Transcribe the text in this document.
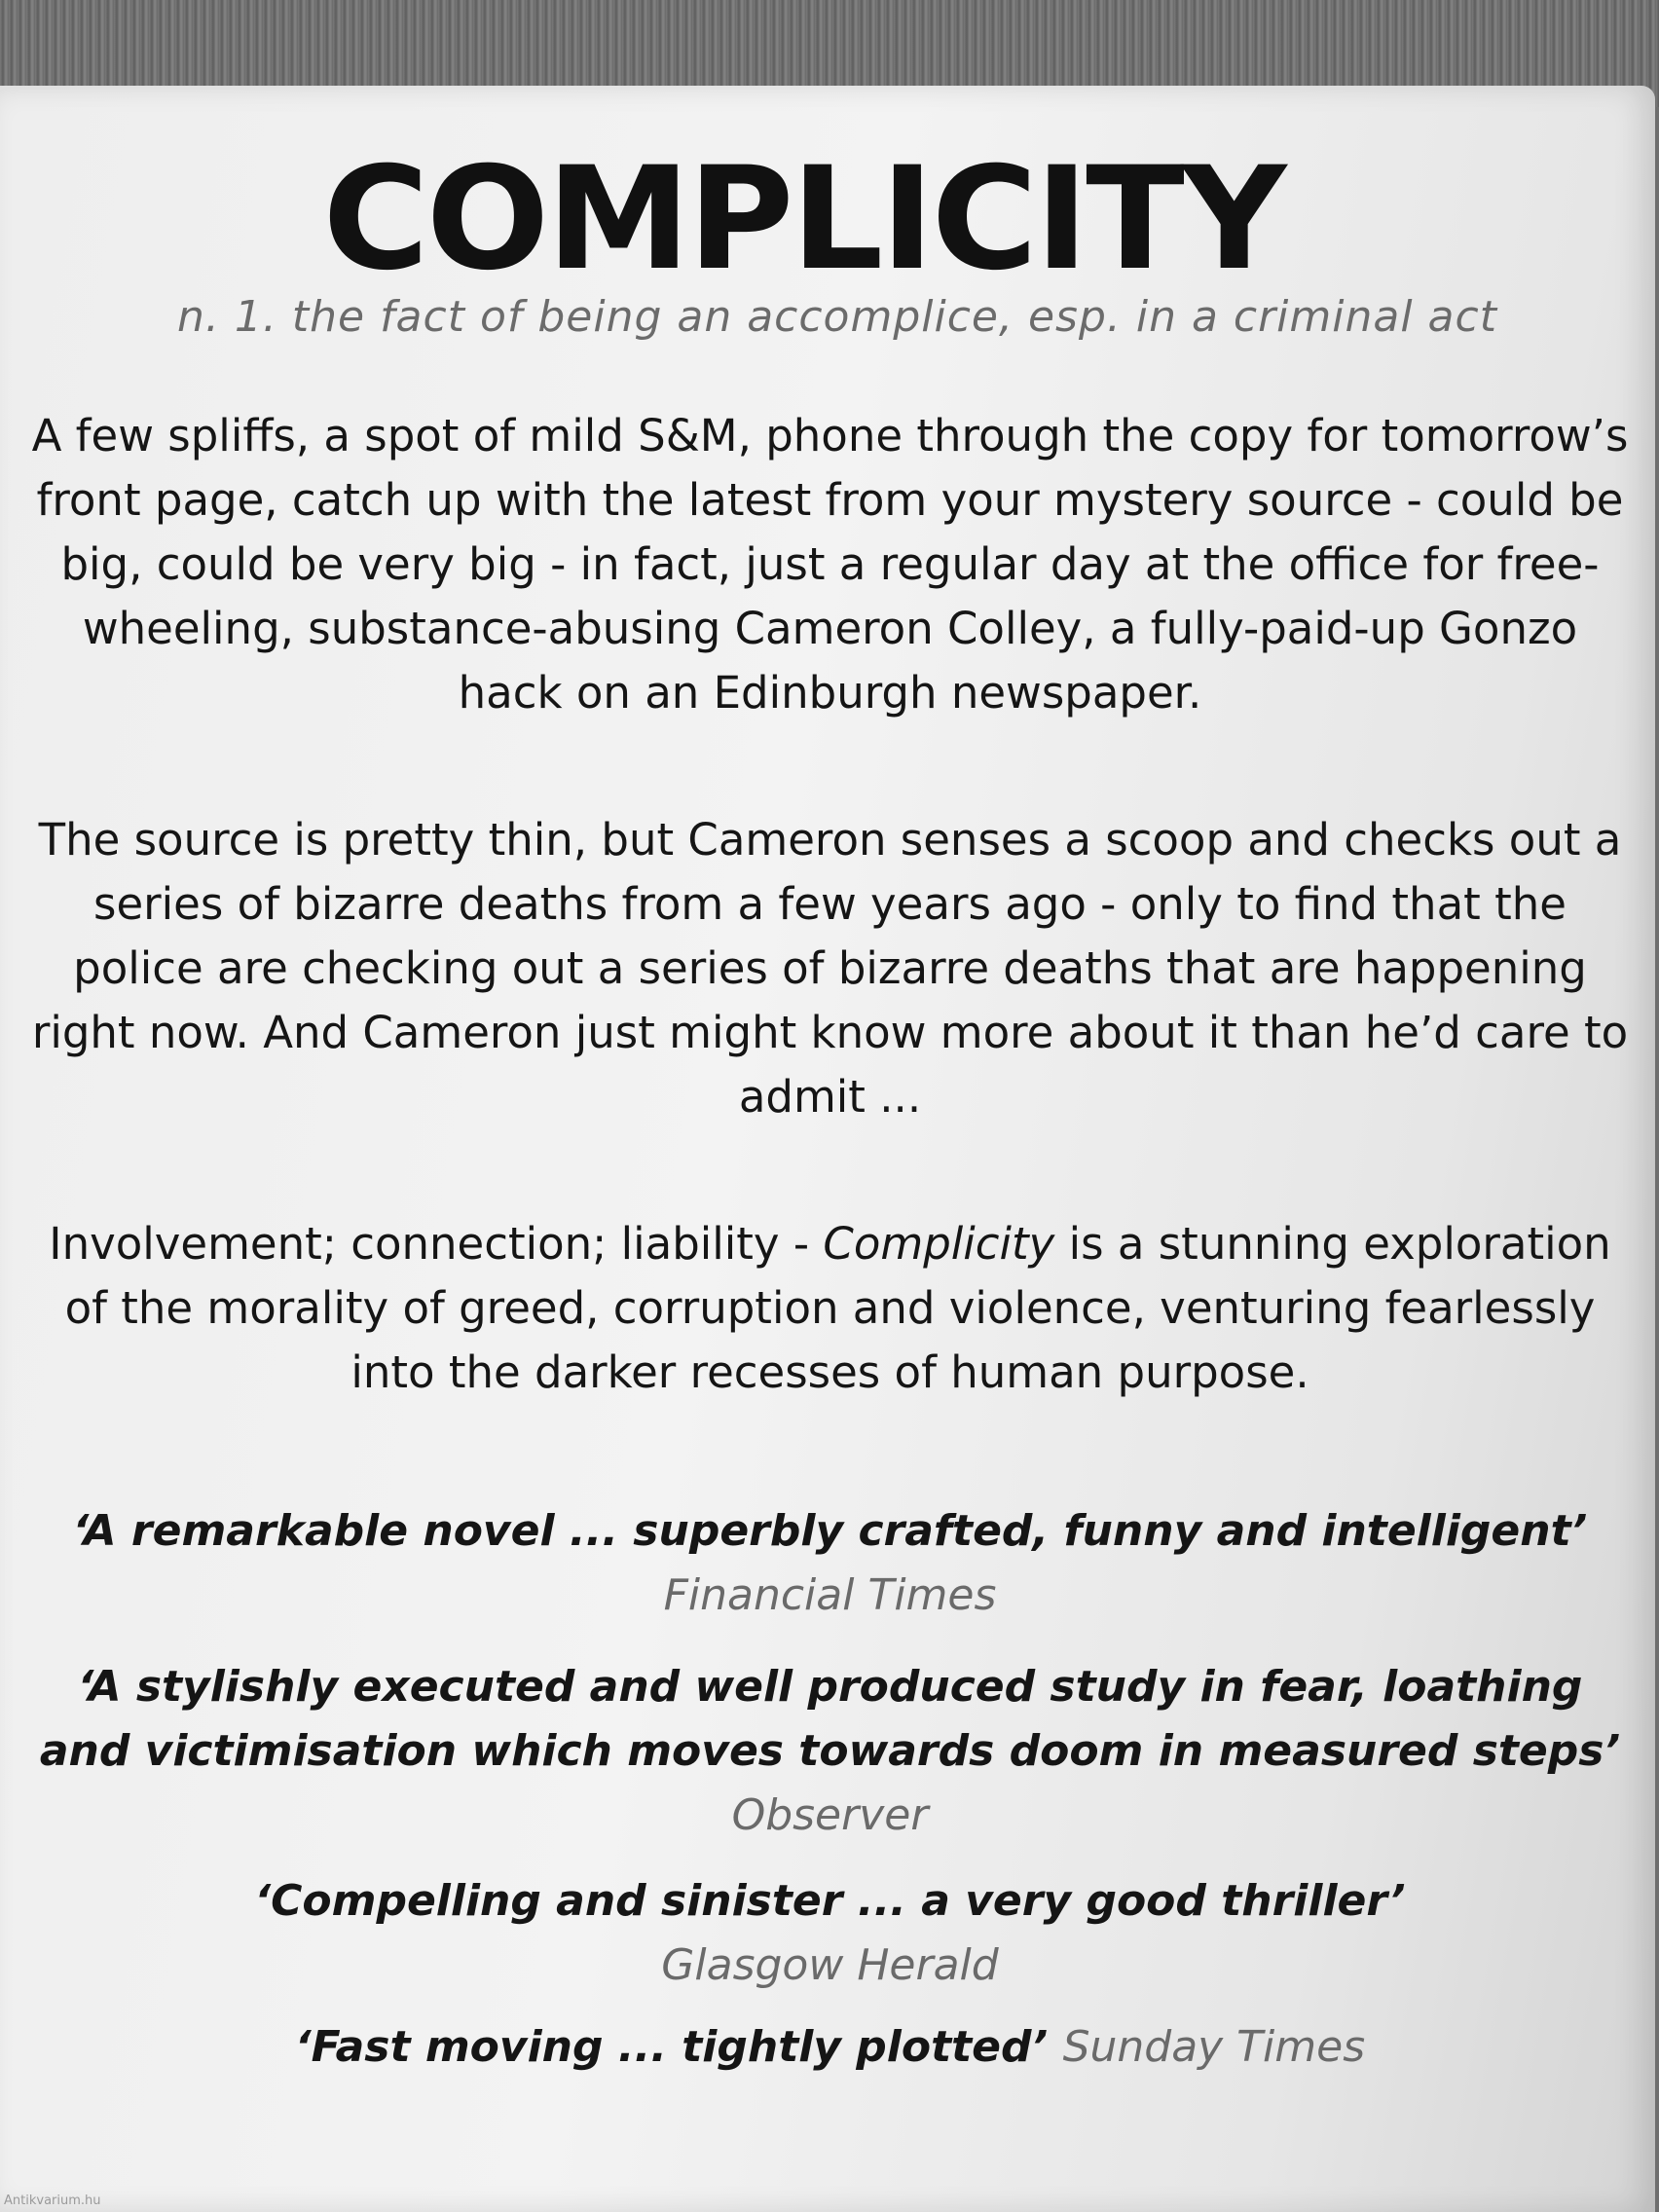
COMPLICITY
n. 1. the fact of being an accomplice, esp. in a criminal act

A few spliffs, a spot of mild S&M, phone through the copy for tomorrow’s front page, catch up with the latest from your mystery source - could be big, could be very big - in fact, just a regular day at the office for free-wheeling, substance-abusing Cameron Colley, a fully-paid-up Gonzo hack on an Edinburgh newspaper.

The source is pretty thin, but Cameron senses a scoop and checks out a series of bizarre deaths from a few years ago - only to find that the police are checking out a series of bizarre deaths that are happening right now. And Cameron just might know more about it than he’d care to admit ...

Involvement; connection; liability - Complicity is a stunning exploration of the morality of greed, corruption and violence, venturing fearlessly into the darker recesses of human purpose.

‘A remarkable novel ... superbly crafted, funny and intelligent’ Financial Times

‘A stylishly executed and well produced study in fear, loathing and victimisation which moves towards doom in measured steps’ Observer

‘Compelling and sinister ... a very good thriller’
Glasgow Herald

‘Fast moving ... tightly plotted’ Sunday Times

Antikvarium.hu
